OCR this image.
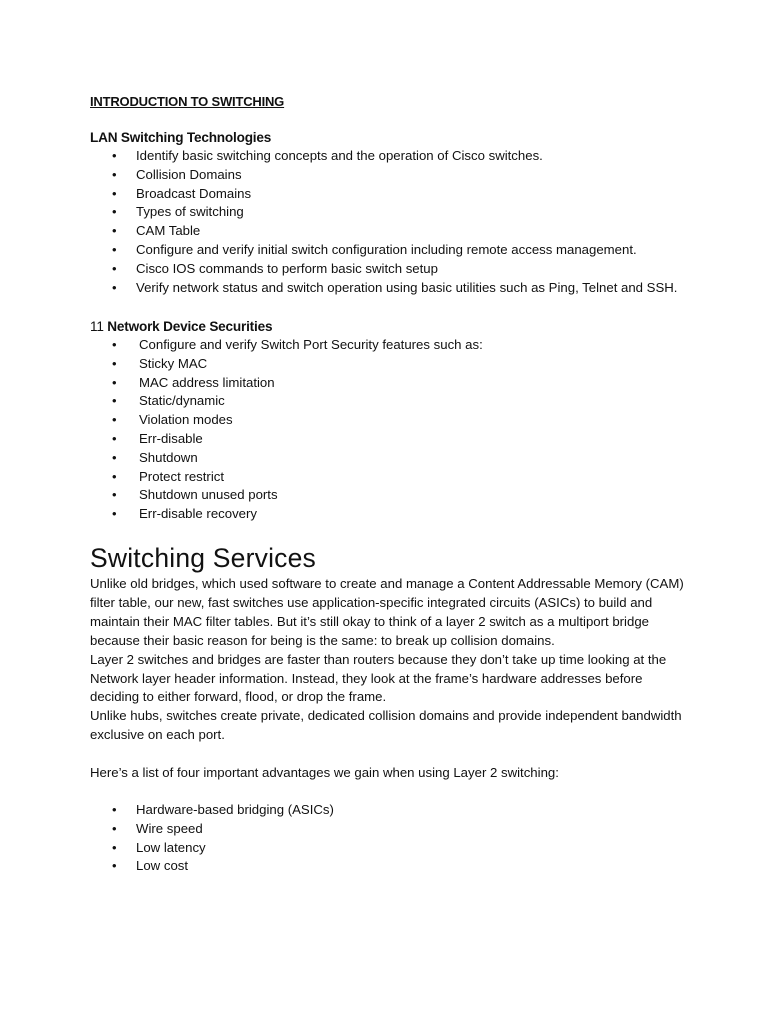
INTRODUCTION TO SWITCHING
LAN Switching Technologies
• Identify basic switching concepts and the operation of Cisco switches.
• Collision Domains
• Broadcast Domains
• Types of switching
• CAM Table
• Configure and verify initial switch configuration including remote access management.
• Cisco IOS commands to perform basic switch setup
• Verify network status and switch operation using basic utilities such as Ping, Telnet and SSH.
11 Network Device Securities
• Configure and verify Switch Port Security features such as:
• Sticky MAC
• MAC address limitation
• Static/dynamic
• Violation modes
• Err-disable
• Shutdown
• Protect restrict
• Shutdown unused ports
• Err-disable recovery
Switching Services

Unlike old bridges, which used software to create and manage a Content Addressable Memory (CAM) filter table, our new, fast switches use application-specific integrated circuits (ASICs) to build and maintain their MAC filter tables. But it’s still okay to think of a layer 2 switch as a multiport bridge because their basic reason for being is the same: to break up collision domains.

Layer 2 switches and bridges are faster than routers because they don’t take up time looking at the Network layer header information. Instead, they look at the frame’s hardware addresses before deciding to either forward, flood, or drop the frame.

Unlike hubs, switches create private, dedicated collision domains and provide independent bandwidth exclusive on each port.

Here’s a list of four important advantages we gain when using Layer 2 switching:

• Hardware-based bridging (ASICs)
• Wire speed
• Low latency
• Low cost
